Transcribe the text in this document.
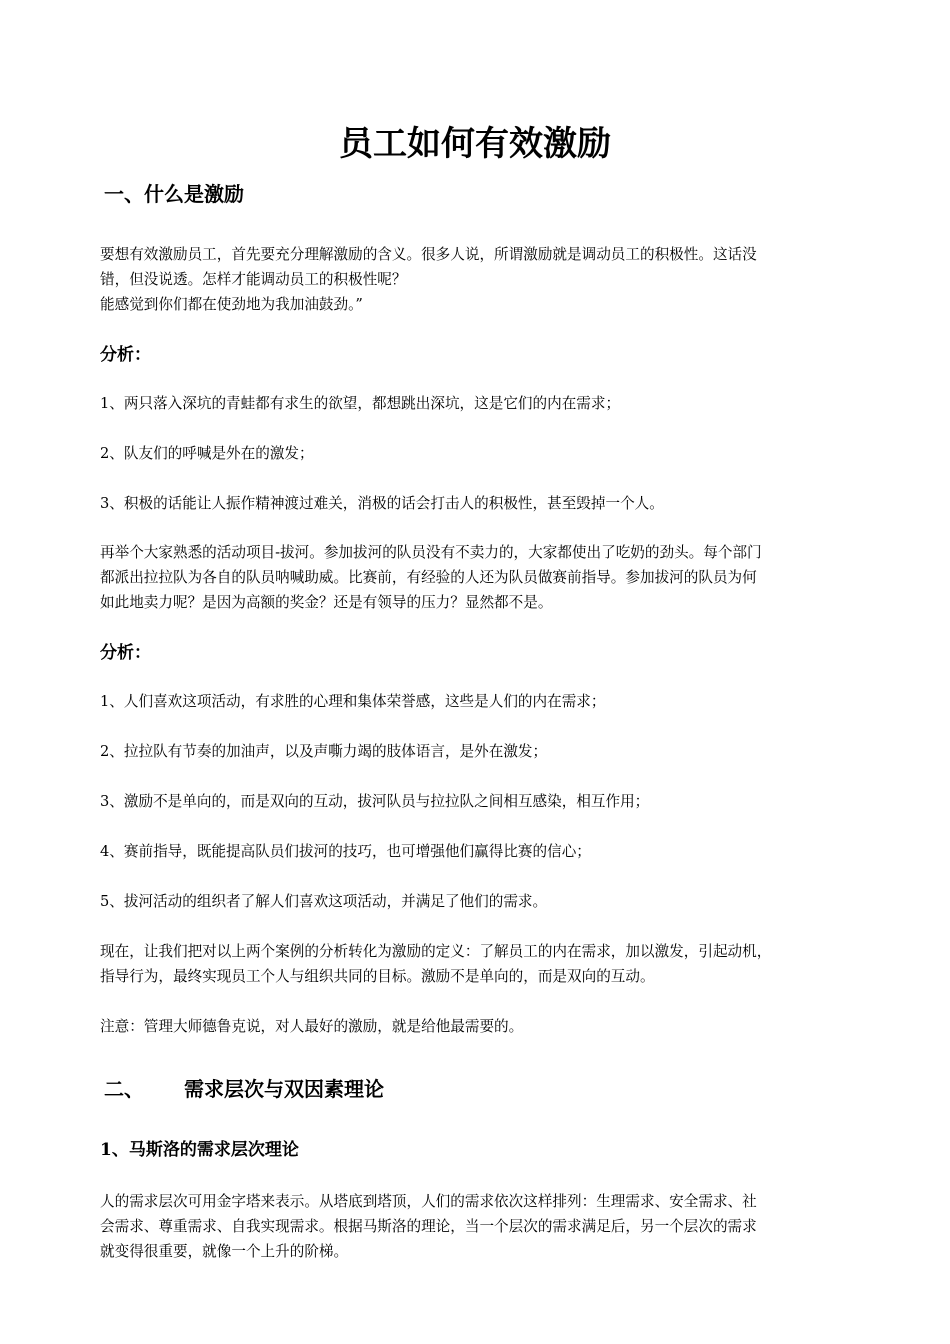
员工如何有效激励
一、什么是激励
要想有效激励员工，首先要充分理解激励的含义。很多人说，所谓激励就是调动员工的积极性。这话没
错，但没说透。怎样才能调动员工的积极性呢？
能感觉到你们都在使劲地为我加油鼓劲。”
分析：
1、两只落入深坑的青蛙都有求生的欲望，都想跳出深坑，这是它们的内在需求；
2、队友们的呼喊是外在的激发；
3、积极的话能让人振作精神渡过难关，消极的话会打击人的积极性，甚至毁掉一个人。
再举个大家熟悉的活动项目-拔河。参加拔河的队员没有不卖力的，大家都使出了吃奶的劲头。每个部门
都派出拉拉队为各自的队员呐喊助威。比赛前，有经验的人还为队员做赛前指导。参加拔河的队员为何
如此地卖力呢？是因为高额的奖金？还是有领导的压力？显然都不是。
分析：
1、人们喜欢这项活动，有求胜的心理和集体荣誉感，这些是人们的内在需求；
2、拉拉队有节奏的加油声，以及声嘶力竭的肢体语言，是外在激发；
3、激励不是单向的，而是双向的互动，拔河队员与拉拉队之间相互感染，相互作用；
4、赛前指导，既能提高队员们拔河的技巧，也可增强他们赢得比赛的信心；
5、拔河活动的组织者了解人们喜欢这项活动，并满足了他们的需求。
现在，让我们把对以上两个案例的分析转化为激励的定义：了解员工的内在需求，加以激发，引起动机，
指导行为，最终实现员工个人与组织共同的目标。激励不是单向的，而是双向的互动。
注意：管理大师德鲁克说，对人最好的激励，就是给他最需要的。
二、 需求层次与双因素理论
1、马斯洛的需求层次理论
人的需求层次可用金字塔来表示。从塔底到塔顶，人们的需求依次这样排列：生理需求、安全需求、社
会需求、尊重需求、自我实现需求。根据马斯洛的理论，当一个层次的需求满足后，另一个层次的需求
就变得很重要，就像一个上升的阶梯。
